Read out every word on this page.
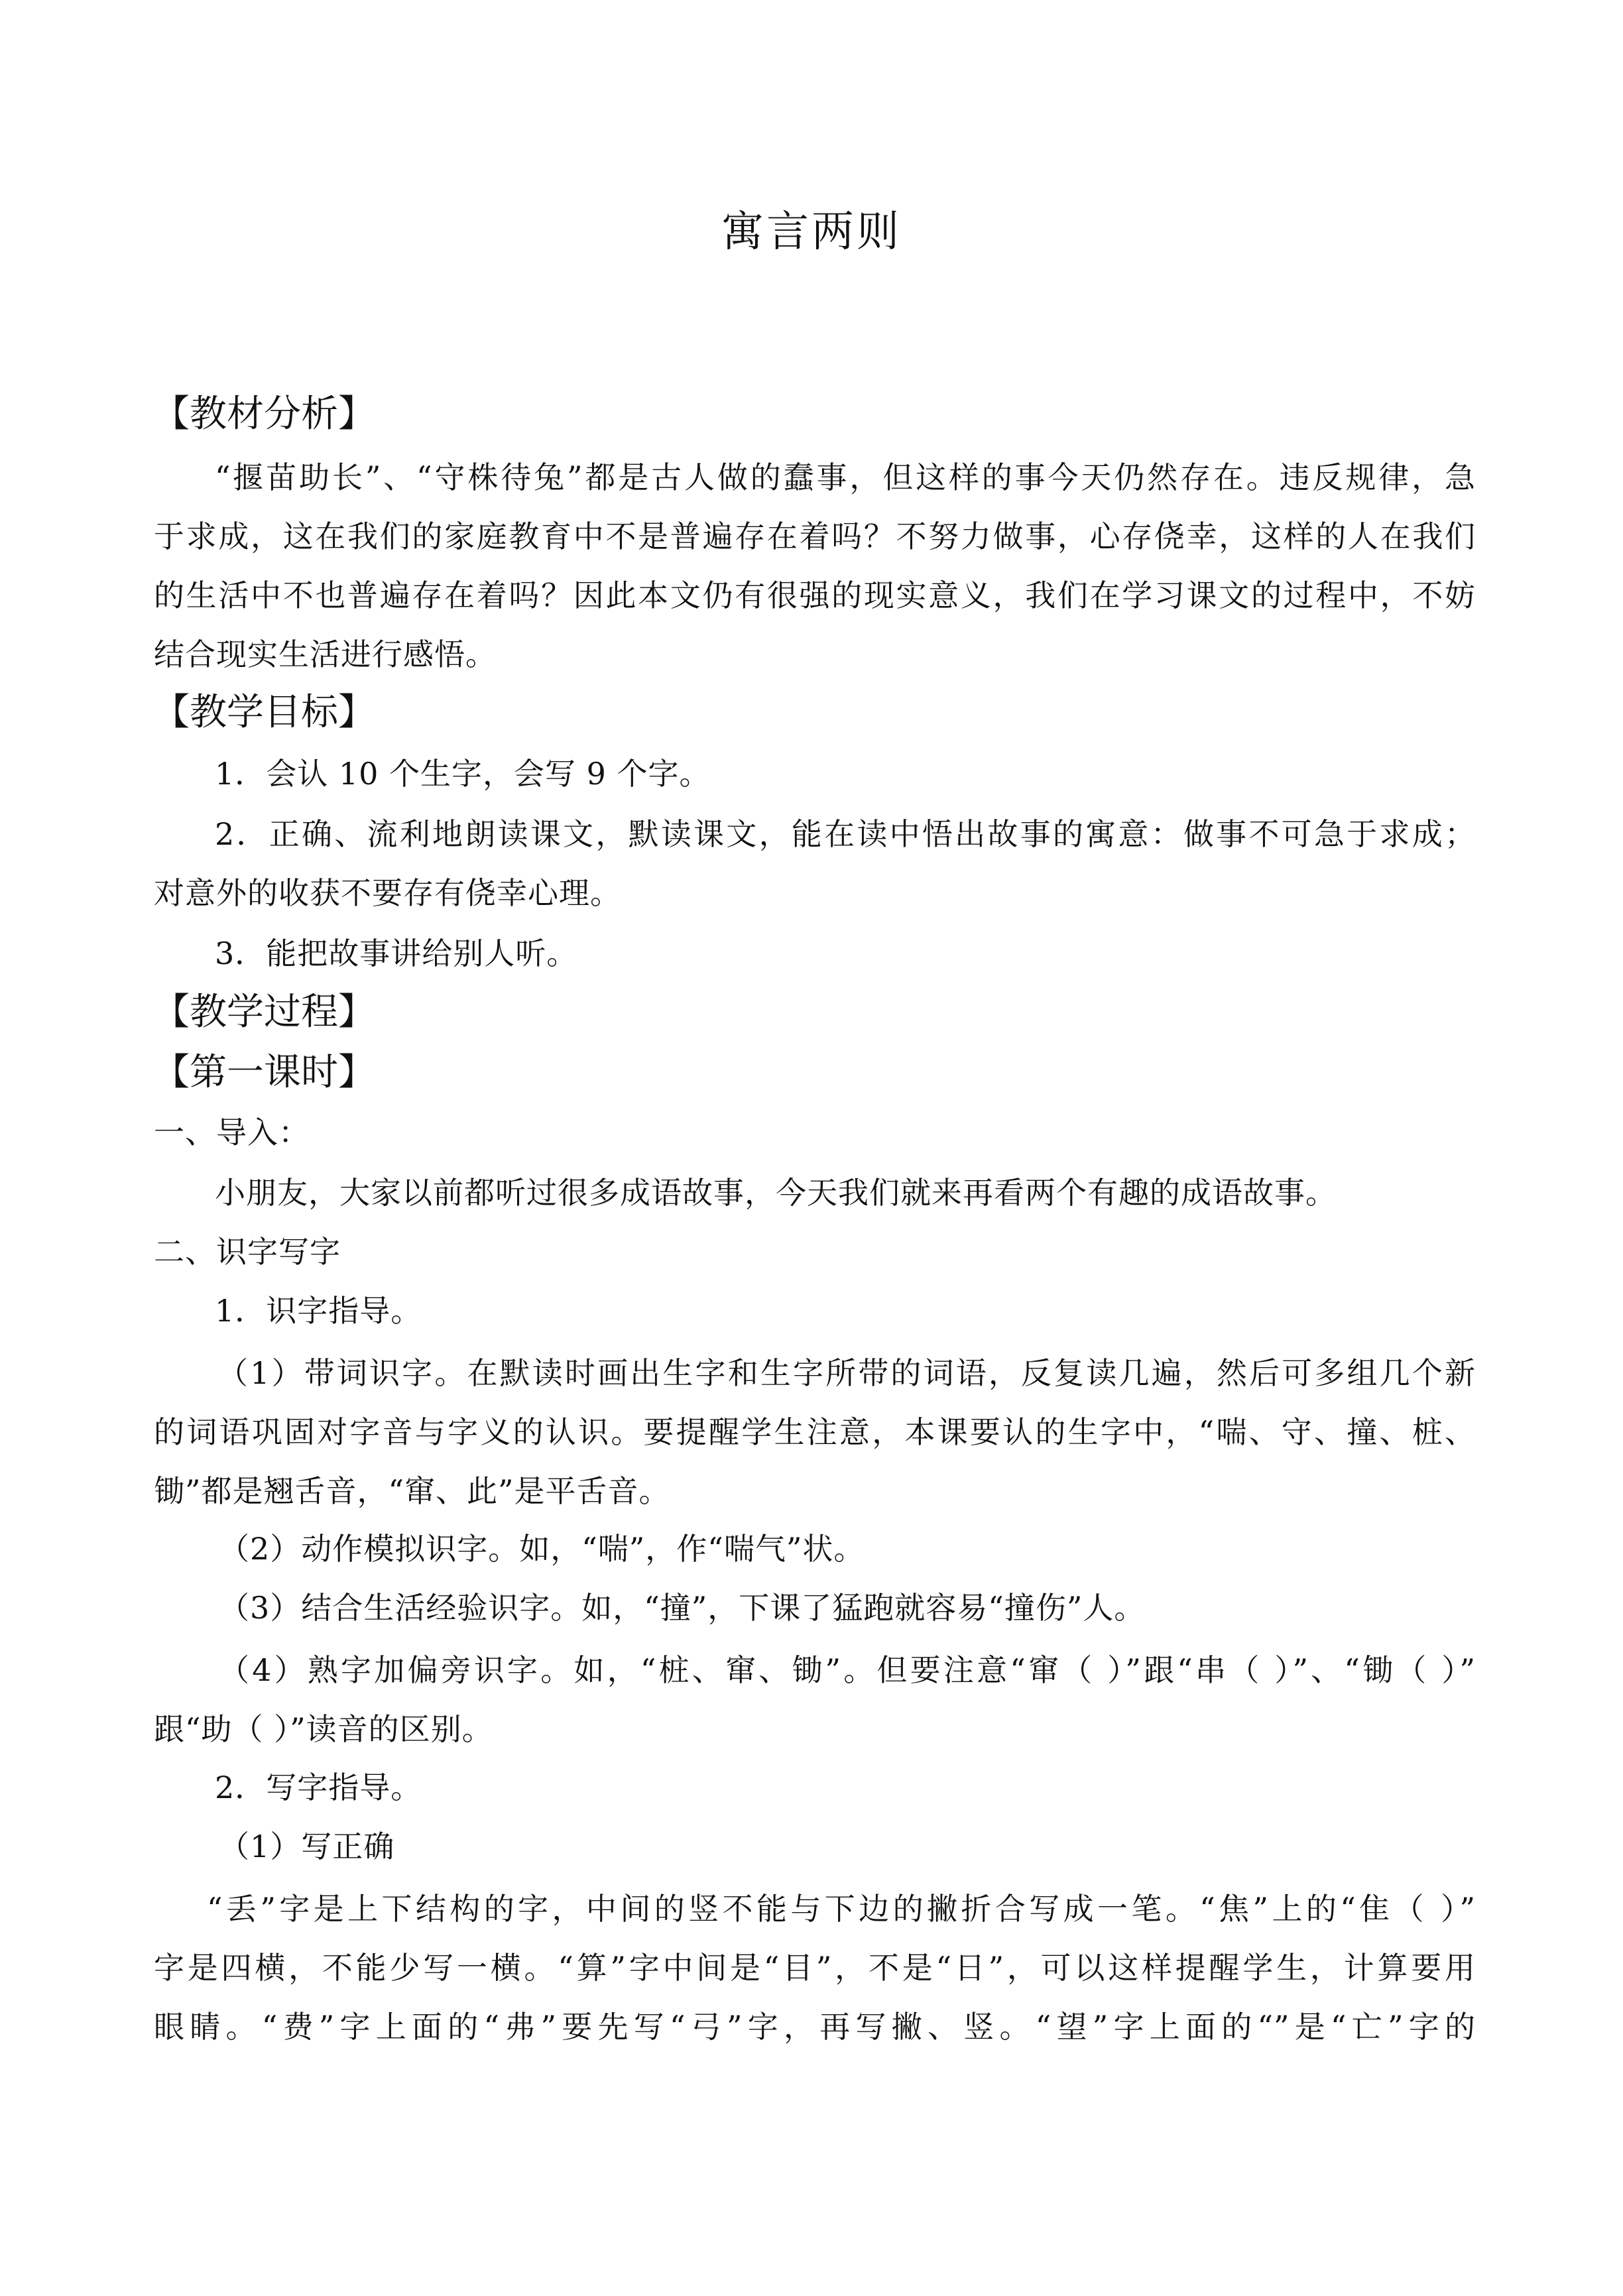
寓言两则
【教材分析】
“揠苗助长”、“守株待兔”都是古人做的蠢事，但这样的事今天仍然存在。违反规律，急
于求成，这在我们的家庭教育中不是普遍存在着吗？不努力做事，心存侥幸，这样的人在我们
的生活中不也普遍存在着吗？因此本文仍有很强的现实意义，我们在学习课文的过程中，不妨
结合现实生活进行感悟。
【教学目标】
1．会认 10 个生字，会写 9 个字。
2．正确、流利地朗读课文，默读课文，能在读中悟出故事的寓意：做事不可急于求成；
对意外的收获不要存有侥幸心理。
3．能把故事讲给别人听。
【教学过程】
【第一课时】
一、导入：
小朋友，大家以前都听过很多成语故事，今天我们就来再看两个有趣的成语故事。
二、识字写字
1．识字指导。
（1）带词识字。在默读时画出生字和生字所带的词语，反复读几遍，然后可多组几个新
的词语巩固对字音与字义的认识。要提醒学生注意，本课要认的生字中，“喘、守、撞、桩、
锄”都是翘舌音，“窜、此”是平舌音。
（2）动作模拟识字。如，“喘”，作“喘气”状。
（3）结合生活经验识字。如，“撞”，下课了猛跑就容易“撞伤”人。
（4）熟字加偏旁识字。如，“桩、窜、锄”。但要注意“窜（ ）”跟“串（ ）”、“锄（ ）”
跟“助（ ）”读音的区别。
2．写字指导。
（1）写正确
“丢”字是上下结构的字，中间的竖不能与下边的撇折合写成一笔。“焦”上的“隹（ ）”
字是四横，不能少写一横。“算”字中间是“目”，不是“日”，可以这样提醒学生，计算要用
眼睛。“费”字上面的“弗”要先写“弓”字，再写撇、竖。“望”字上面的“”是“亡”字的
